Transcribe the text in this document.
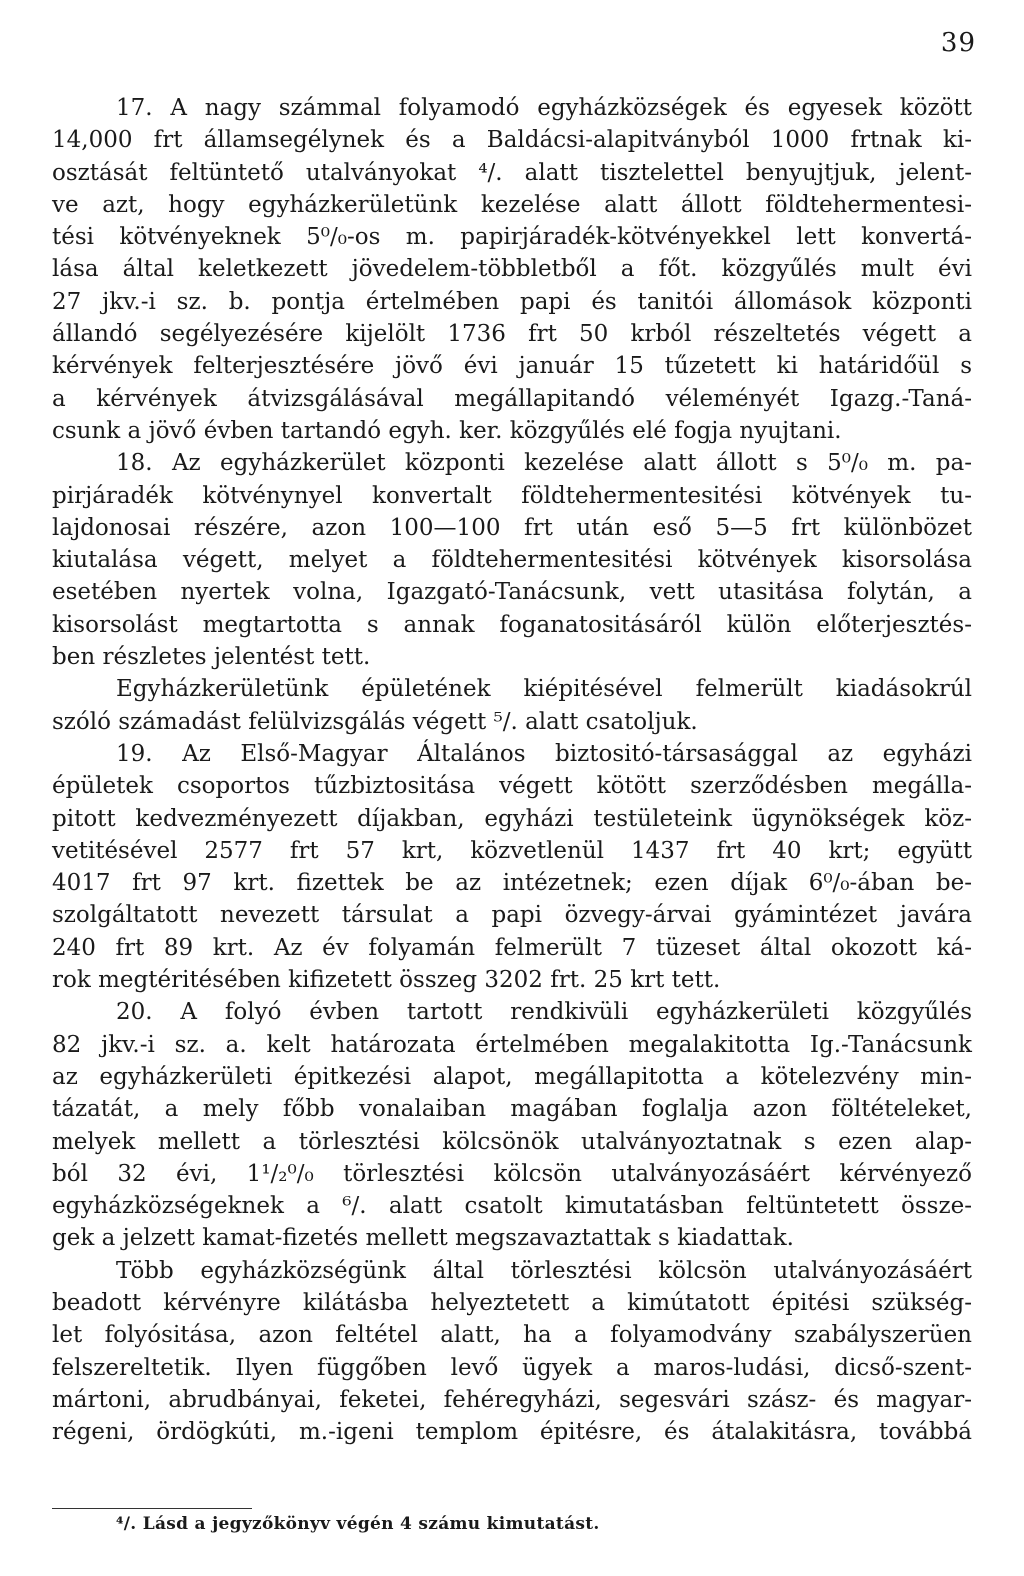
39
17. A nagy számmal folyamodó egyházközségek és egyesek között
14,000 frt államsegélynek és a Baldácsi-alapitványból 1000 frtnak ki-
osztását feltüntető utalványokat ⁴/. alatt tisztelettel benyujtjuk, jelent-
ve azt, hogy egyházkerületünk kezelése alatt állott földtehermentesi-
tési kötvényeknek 5⁰/₀-os m. papirjáradék-kötvényekkel lett konvertá-
lása által keletkezett jövedelem-többletből a főt. közgyűlés mult évi
27 jkv.-i sz. b. pontja értelmében papi és tanitói állomások központi
állandó segélyezésére kijelölt 1736 frt 50 krból részeltetés végett a
kérvények felterjesztésére jövő évi január 15 tűzetett ki határidőül s
a kérvények átvizsgálásával megállapitandó véleményét Igazg.-Taná-
csunk a jövő évben tartandó egyh. ker. közgyűlés elé fogja nyujtani.
18. Az egyházkerület központi kezelése alatt állott s 5⁰/₀ m. pa-
pirjáradék kötvénynyel konvertalt földtehermentesitési kötvények tu-
lajdonosai részére, azon 100—100 frt után eső 5—5 frt különbözet
kiutalása végett, melyet a földtehermentesitési kötvények kisorsolása
esetében nyertek volna, Igazgató-Tanácsunk, vett utasitása folytán, a
kisorsolást megtartotta s annak foganatositásáról külön előterjesztés-
ben részletes jelentést tett.
Egyházkerületünk épületének kiépitésével felmerült kiadásokrúl
szóló számadást felülvizsgálás végett ⁵/. alatt csatoljuk.
19. Az Első-Magyar Általános biztositó-társasággal az egyházi
épületek csoportos tűzbiztositása végett kötött szerződésben megálla-
pitott kedvezményezett díjakban, egyházi testületeink ügynökségek köz-
vetitésével 2577 frt 57 krt, közvetlenül 1437 frt 40 krt; együtt
4017 frt 97 krt. fizettek be az intézetnek; ezen díjak 6⁰/₀-ában be-
szolgáltatott nevezett társulat a papi özvegy-árvai gyámintézet javára
240 frt 89 krt. Az év folyamán felmerült 7 tüzeset által okozott ká-
rok megtéritésében kifizetett összeg 3202 frt. 25 krt tett.
20. A folyó évben tartott rendkivüli egyházkerületi közgyűlés
82 jkv.-i sz. a. kelt határozata értelmében megalakitotta Ig.-Tanácsunk
az egyházkerületi épitkezési alapot, megállapitotta a kötelezvény min-
tázatát, a mely főbb vonalaiban magában foglalja azon föltételeket,
melyek mellett a törlesztési kölcsönök utalványoztatnak s ezen alap-
ból 32 évi, 1¹/₂⁰/₀ törlesztési kölcsön utalványozásáért kérvényező
egyházközségeknek a ⁶/. alatt csatolt kimutatásban feltüntetett össze-
gek a jelzett kamat-fizetés mellett megszavaztattak s kiadattak.
Több egyházközségünk által törlesztési kölcsön utalványozásáért
beadott kérvényre kilátásba helyeztetett a kimútatott épitési szükség-
let folyósitása, azon feltétel alatt, ha a folyamodvány szabályszerüen
felszereltetik. Ilyen függőben levő ügyek a maros-ludási, dicső-szent-
mártoni, abrudbányai, feketei, fehéregyházi, segesvári szász- és magyar-
régeni, ördögkúti, m.-igeni templom épitésre, és átalakitásra, továbbá
⁴/. Lásd a jegyzőkönyv végén 4 számu kimutatást.
